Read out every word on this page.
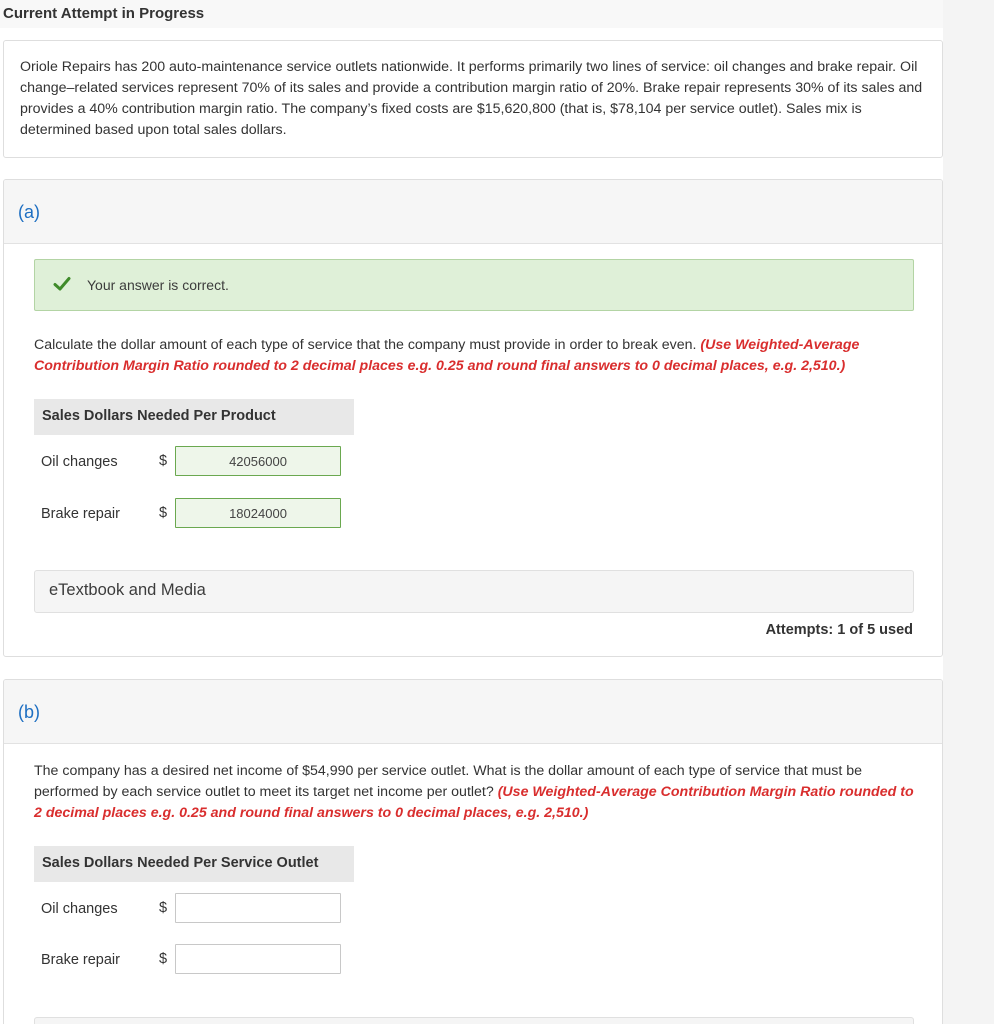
Current Attempt in Progress
Oriole Repairs has 200 auto-maintenance service outlets nationwide. It performs primarily two lines of service: oil changes and brake repair. Oil change–related services represent 70% of its sales and provide a contribution margin ratio of 20%. Brake repair represents 30% of its sales and provides a 40% contribution margin ratio. The company’s fixed costs are $15,620,800 (that is, $78,104 per service outlet). Sales mix is determined based upon total sales dollars.
(a)
Your answer is correct.
Calculate the dollar amount of each type of service that the company must provide in order to break even. (Use Weighted-Average Contribution Margin Ratio rounded to 2 decimal places e.g. 0.25 and round final answers to 0 decimal places, e.g. 2,510.)
Sales Dollars Needed Per Product
Oil changes	$
42056000
Brake repair	$
18024000
eTextbook and Media
Attempts: 1 of 5 used
(b)
The company has a desired net income of $54,990 per service outlet. What is the dollar amount of each type of service that must be performed by each service outlet to meet its target net income per outlet? (Use Weighted-Average Contribution Margin Ratio rounded to 2 decimal places e.g. 0.25 and round final answers to 0 decimal places, e.g. 2,510.)
Sales Dollars Needed Per Service Outlet
Oil changes	$
Brake repair	$
